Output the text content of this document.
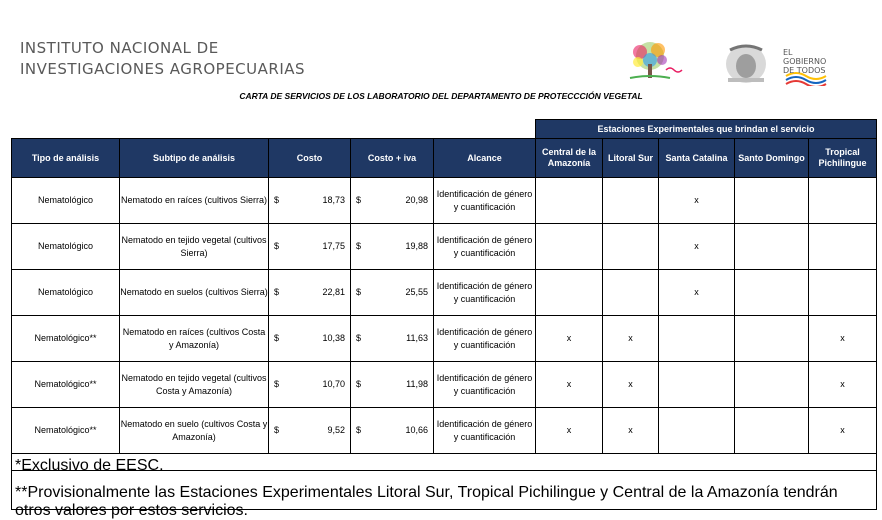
INSTITUTO NACIONAL DE
INVESTIGACIONES AGROPECUARIAS
EL
GOBIERNO
DE TODOS
CARTA DE SERVICIOS DE LOS LABORATORIO DEL DEPARTAMENTO DE PROTECCCIÓN VEGETAL
					Estaciones Experimentales que brindan el servicio				
Tipo de análisis	Subtipo de análisis	Costo	Costo + iva	Alcance	Central de la Amazonía	Litoral Sur	Santa Catalina	Santo Domingo	Tropical Pichilingue
Nematológico	Nematodo en raíces (cultivos Sierra)	$ 18,73	$ 20,98	Identificación de género y cuantificación			x		
Nematológico	Nematodo en tejido vegetal (cultivos Sierra)	$ 17,75	$ 19,88	Identificación de género y cuantificación			x		
Nematológico	Nematodo en suelos (cultivos Sierra)	$ 22,81	$ 25,55	Identificación de género y cuantificación			x		
Nematológico**	Nematodo en raíces (cultivos Costa y Amazonía)	$ 10,38	$ 11,63	Identificación de género y cuantificación	x	x			x
Nematológico**	Nematodo en tejido vegetal (cultivos Costa y Amazonía)	$ 10,70	$ 11,98	Identificación de género y cuantificación	x	x			x
Nematológico**	Nematodo en suelo (cultivos Costa y Amazonía)	$ 9,52	$ 10,66	Identificación de género y cuantificación	x	x			x
*Exclusivo de EESC.
**Provisionalmente las Estaciones Experimentales Litoral Sur, Tropical Pichilingue y Central de la Amazonía tendrán otros valores por estos servicios.
